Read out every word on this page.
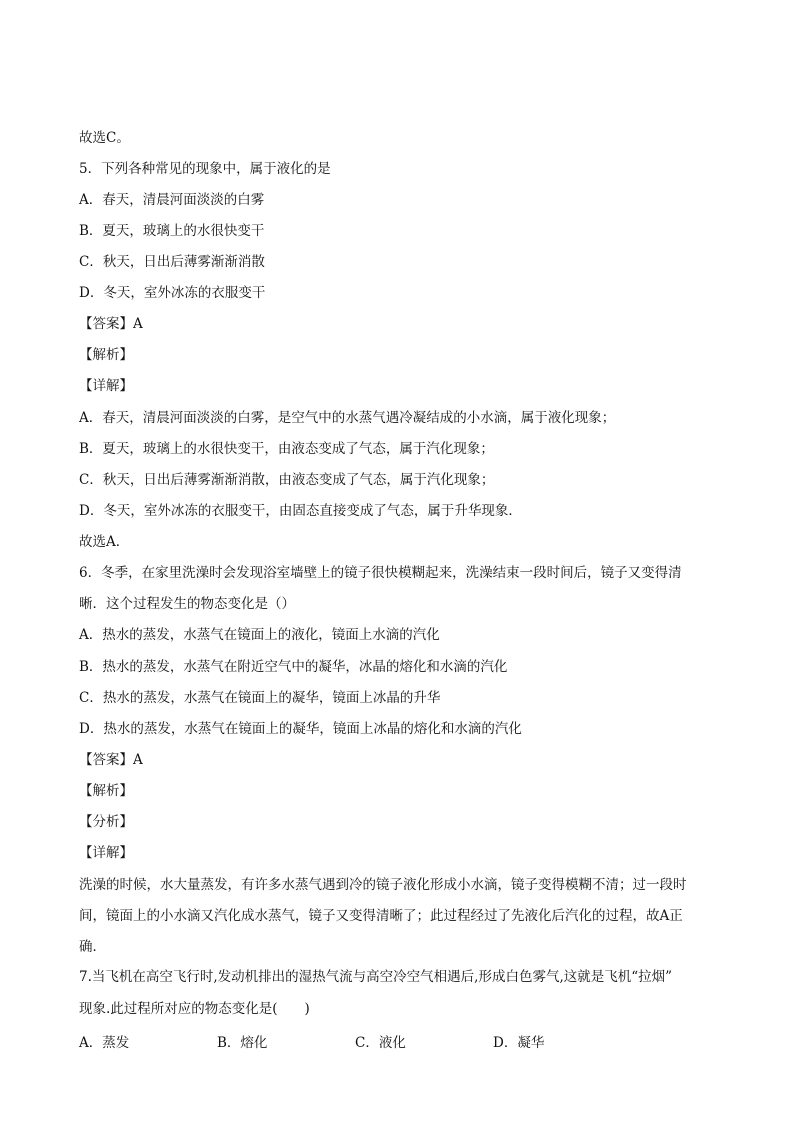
故选C。
5．下列各种常见的现象中，属于液化的是
A．春天，清晨河面淡淡的白雾
B．夏天，玻璃上的水很快变干
C．秋天，日出后薄雾渐渐消散
D．冬天，室外冰冻的衣服变干
【答案】A
【解析】
【详解】
A．春天，清晨河面淡淡的白雾，是空气中的水蒸气遇冷凝结成的小水滴，属于液化现象；
B．夏天，玻璃上的水很快变干，由液态变成了气态，属于汽化现象；
C．秋天，日出后薄雾渐渐消散，由液态变成了气态，属于汽化现象；
D．冬天，室外冰冻的衣服变干，由固态直接变成了气态，属于升华现象．
故选A．
6．冬季，在家里洗澡时会发现浴室墙壁上的镜子很快模糊起来，洗澡结束一段时间后，镜子又变得清
晰．这个过程发生的物态变化是（）
A．热水的蒸发，水蒸气在镜面上的液化，镜面上水滴的汽化
B．热水的蒸发，水蒸气在附近空气中的凝华，冰晶的熔化和水滴的汽化
C．热水的蒸发，水蒸气在镜面上的凝华，镜面上冰晶的升华
D．热水的蒸发，水蒸气在镜面上的凝华，镜面上冰晶的熔化和水滴的汽化
【答案】A
【解析】
【分析】
【详解】
洗澡的时候，水大量蒸发，有许多水蒸气遇到冷的镜子液化形成小水滴，镜子变得模糊不清；过一段时
间，镜面上的小水滴又汽化成水蒸气，镜子又变得清晰了；此过程经过了先液化后汽化的过程，故A正
确．
7.当飞机在高空飞行时,发动机排出的湿热气流与高空冷空气相遇后,形成白色雾气,这就是飞机“拉烟”
现象.此过程所对应的物态变化是(　　)
A．蒸发	B．熔化	C．液化	D．凝华
